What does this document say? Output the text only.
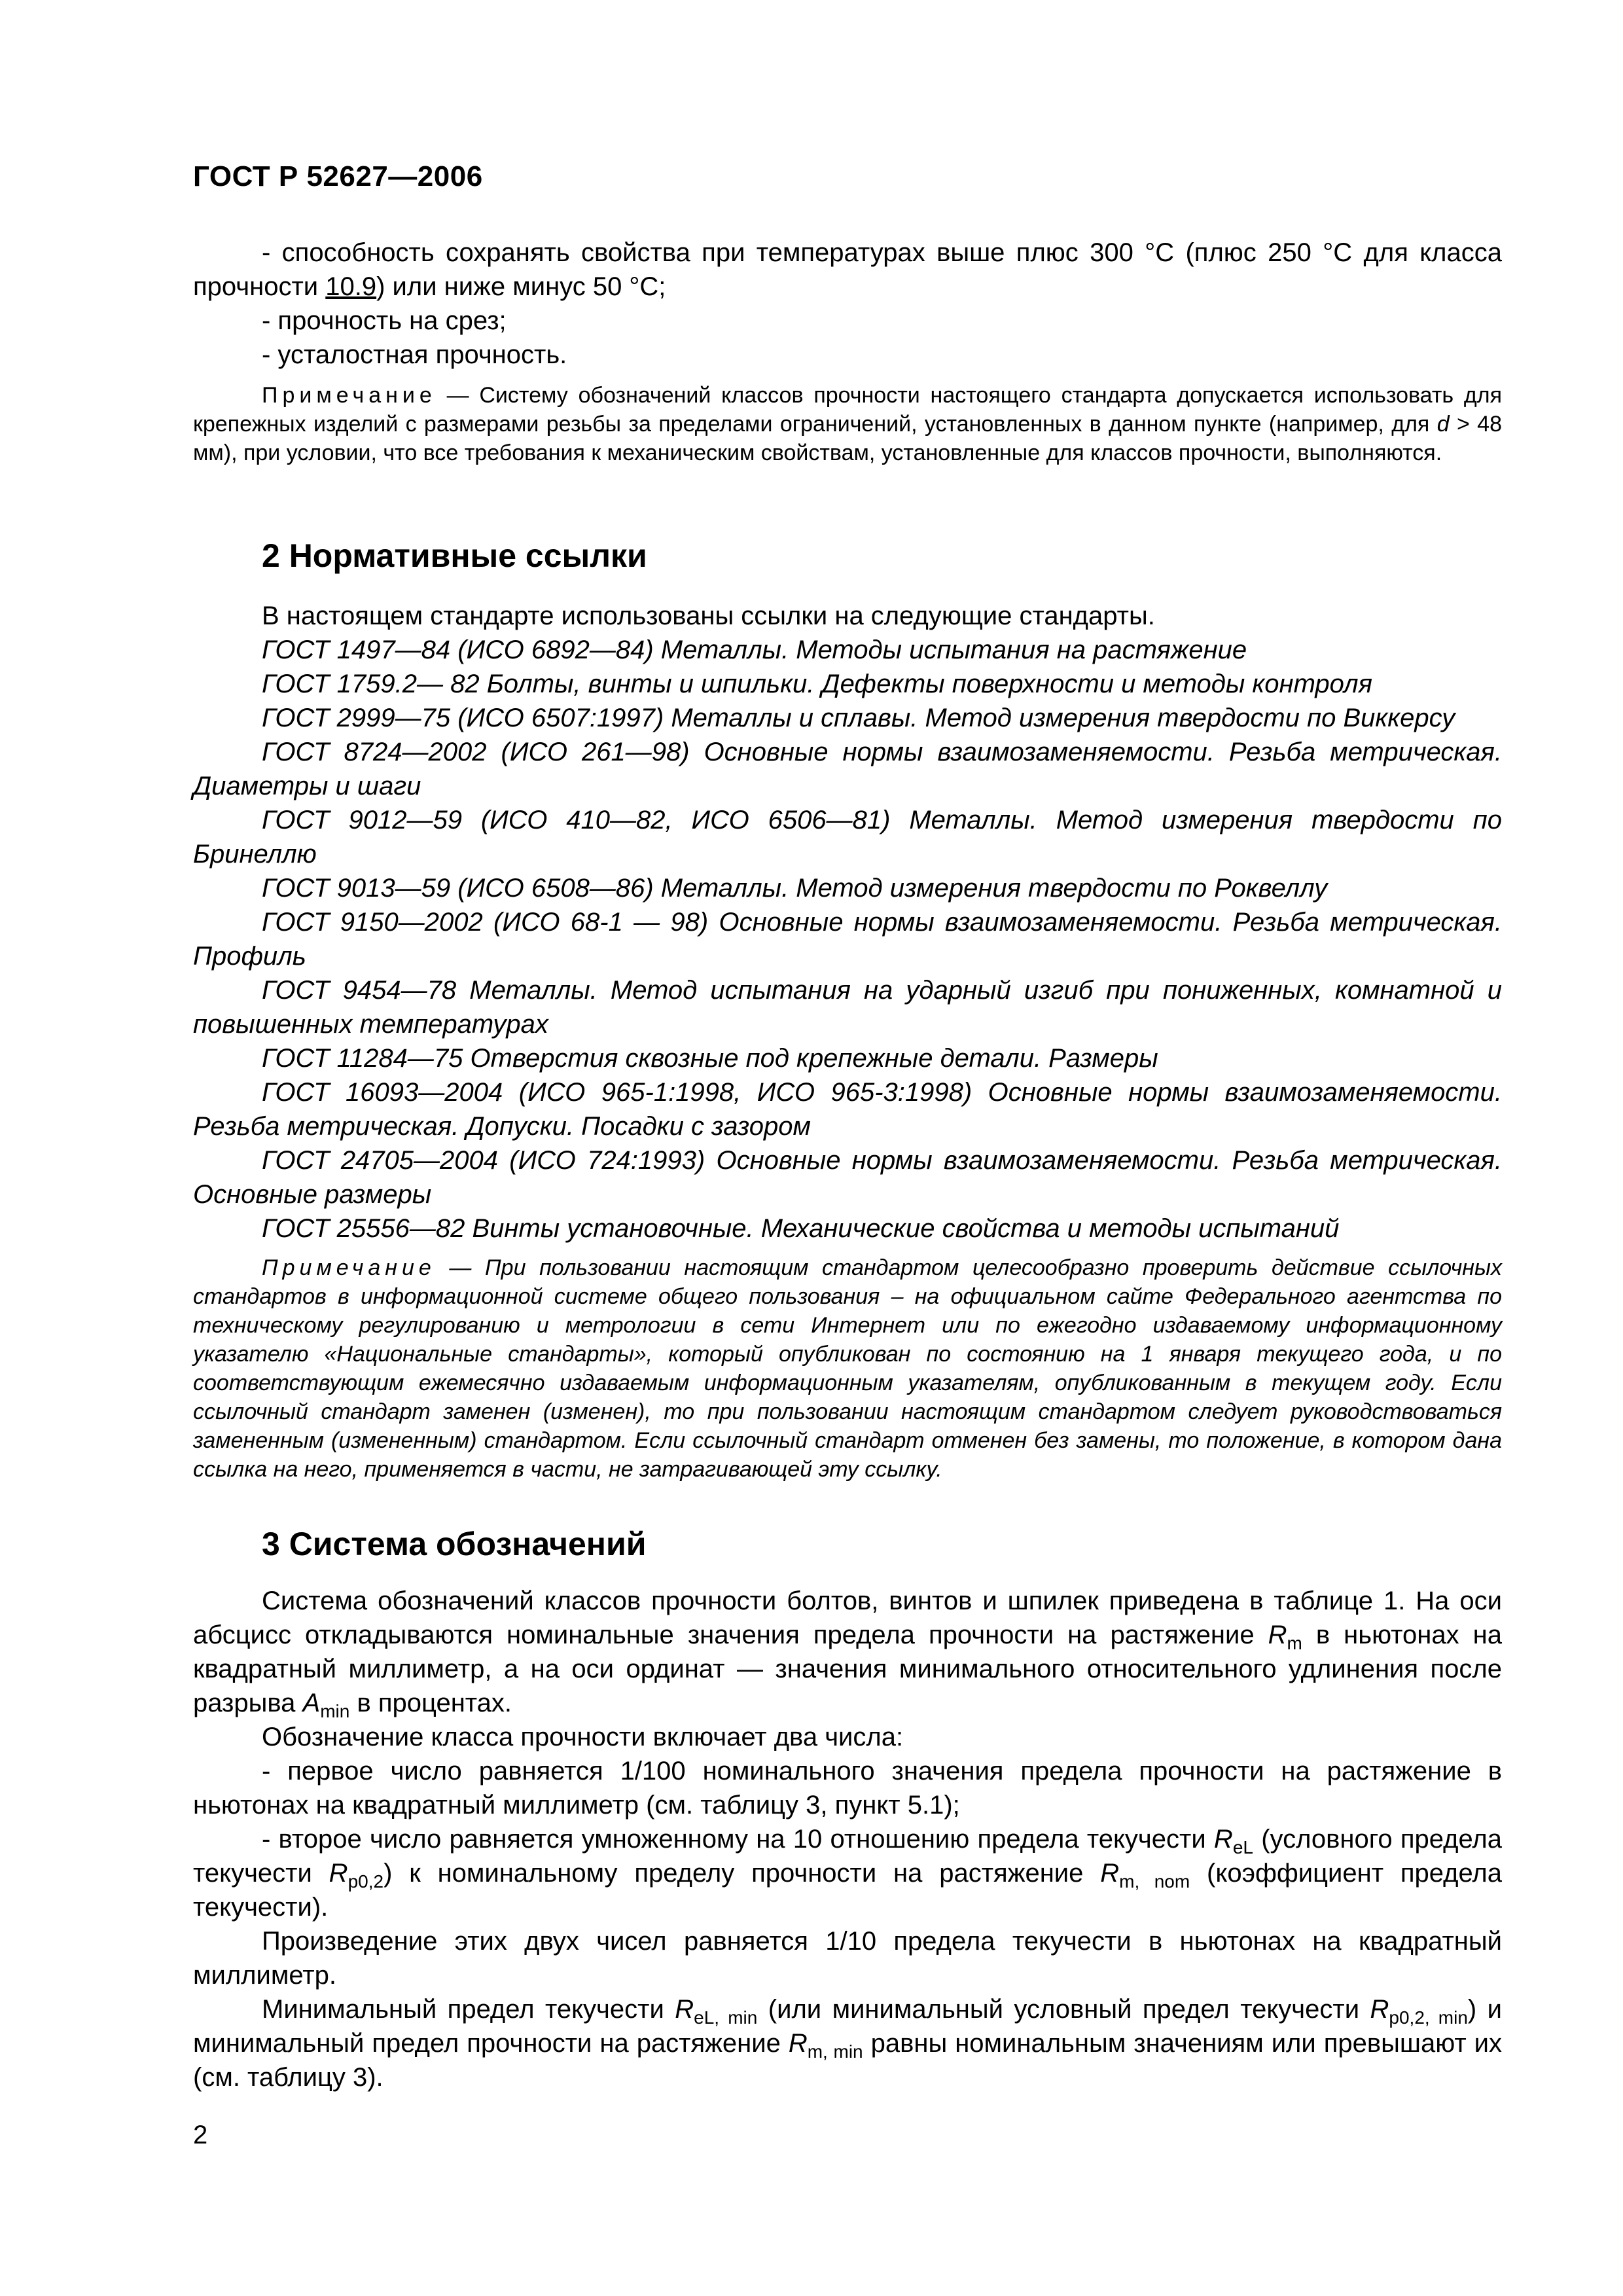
ГОСТ Р 52627—2006

- способность сохранять свойства при температурах выше плюс 300 °С (плюс 250 °С для класса прочности 10.9) или ниже минус 50 °С;

- прочность на срез;

- усталостная прочность.

Примечание — Систему обозначений классов прочности настоящего стандарта допускается использовать для крепежных изделий с размерами резьбы за пределами ограничений, установленных в данном пункте (например, для d > 48 мм), при условии, что все требования к механическим свойствам, установленные для классов прочности, выполняются.

2 Нормативные ссылки

В настоящем стандарте использованы ссылки на следующие стандарты.

ГОСТ 1497—84 (ИСО 6892—84) Металлы. Методы испытания на растяжение

ГОСТ 1759.2— 82 Болты, винты и шпильки. Дефекты поверхности и методы контроля

ГОСТ 2999—75 (ИСО 6507:1997) Металлы и сплавы. Метод измерения твердости по Виккерсу

ГОСТ 8724—2002 (ИСО 261—98) Основные нормы взаимозаменяемости. Резьба метрическая. Диаметры и шаги

ГОСТ 9012—59 (ИСО 410—82, ИСО 6506—81) Металлы. Метод измерения твердости по Бринеллю

ГОСТ 9013—59 (ИСО 6508—86) Металлы. Метод измерения твердости по Роквеллу

ГОСТ 9150—2002 (ИСО 68-1 — 98) Основные нормы взаимозаменяемости. Резьба метрическая. Профиль

ГОСТ 9454—78 Металлы. Метод испытания на ударный изгиб при пониженных, комнатной и повышенных температурах

ГОСТ 11284—75 Отверстия сквозные под крепежные детали. Размеры

ГОСТ 16093—2004 (ИСО 965-1:1998, ИСО 965-3:1998) Основные нормы взаимозаменяемости. Резьба метрическая. Допуски. Посадки с зазором

ГОСТ 24705—2004 (ИСО 724:1993) Основные нормы взаимозаменяемости. Резьба метрическая. Основные размеры

ГОСТ 25556—82 Винты установочные. Механические свойства и методы испытаний

Примечание — При пользовании настоящим стандартом целесообразно проверить действие ссылочных стандартов в информационной системе общего пользования – на официальном сайте Федерального агентства по техническому регулированию и метрологии в сети Интернет или по ежегодно издаваемому информационному указателю «Национальные стандарты», который опубликован по состоянию на 1 января текущего года, и по соответствующим ежемесячно издаваемым информационным указателям, опубликованным в текущем году. Если ссылочный стандарт заменен (изменен), то при пользовании настоящим стандартом следует руководствоваться замененным (измененным) стандартом. Если ссылочный стандарт отменен без замены, то положение, в котором дана ссылка на него, применяется в части, не затрагивающей эту ссылку.

3 Система обозначений

Система обозначений классов прочности болтов, винтов и шпилек приведена в таблице 1. На оси абсцисс откладываются номинальные значения предела прочности на растяжение $R_m$ в ньютонах на квадратный миллиметр, а на оси ординат — значения минимального относительного удлинения после разрыва $A_{min}$ в процентах.

Обозначение класса прочности включает два числа:

- первое число равняется 1/100 номинального значения предела прочности на растяжение в ньютонах на квадратный миллиметр (см. таблицу 3, пункт 5.1);

- второе число равняется умноженному на 10 отношению предела текучести $R_{eL}$ (условного предела текучести $R_{p0,2}$) к номинальному пределу прочности на растяжение $R_{m, nom}$ (коэффициент предела текучести).

Произведение этих двух чисел равняется 1/10 предела текучести в ньютонах на квадратный миллиметр.

Минимальный предел текучести $R_{eL, min}$ (или минимальный условный предел текучести $R_{p0,2, min}$) и минимальный предел прочности на растяжение $R_{m, min}$ равны номинальным значениям или превышают их (см. таблицу 3).

2
